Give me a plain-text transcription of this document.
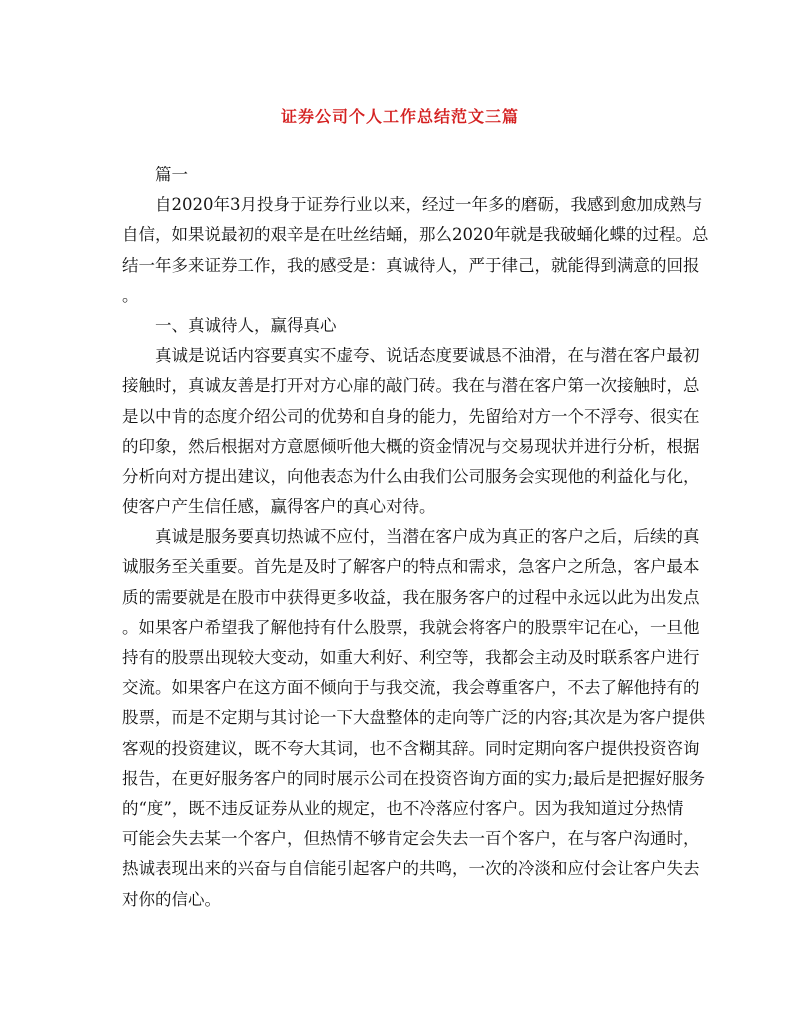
证券公司个人工作总结范文三篇
篇一
自2020年3月投身于证券行业以来，经过一年多的磨砺，我感到愈加成熟与
自信，如果说最初的艰辛是在吐丝结蛹，那么2020年就是我破蛹化蝶的过程。总
结一年多来证券工作，我的感受是：真诚待人，严于律己，就能得到满意的回报
。
一、真诚待人，赢得真心
真诚是说话内容要真实不虚夸、说话态度要诚恳不油滑，在与潜在客户最初
接触时，真诚友善是打开对方心扉的敲门砖。我在与潜在客户第一次接触时，总
是以中肯的态度介绍公司的优势和自身的能力，先留给对方一个不浮夸、很实在
的印象，然后根据对方意愿倾听他大概的资金情况与交易现状并进行分析，根据
分析向对方提出建议，向他表态为什么由我们公司服务会实现他的利益化与化，
使客户产生信任感，赢得客户的真心对待。
真诚是服务要真切热诚不应付，当潜在客户成为真正的客户之后，后续的真
诚服务至关重要。首先是及时了解客户的特点和需求，急客户之所急，客户最本
质的需要就是在股市中获得更多收益，我在服务客户的过程中永远以此为出发点
。如果客户希望我了解他持有什么股票，我就会将客户的股票牢记在心，一旦他
持有的股票出现较大变动，如重大利好、利空等，我都会主动及时联系客户进行
交流。如果客户在这方面不倾向于与我交流，我会尊重客户，不去了解他持有的
股票，而是不定期与其讨论一下大盘整体的走向等广泛的内容;其次是为客户提供
客观的投资建议，既不夸大其词，也不含糊其辞。同时定期向客户提供投资咨询
报告，在更好服务客户的同时展示公司在投资咨询方面的实力;最后是把握好服务
的“度”，既不违反证券从业的规定，也不冷落应付客户。因为我知道过分热情
可能会失去某一个客户，但热情不够肯定会失去一百个客户，在与客户沟通时，
热诚表现出来的兴奋与自信能引起客户的共鸣，一次的冷淡和应付会让客户失去
对你的信心。
